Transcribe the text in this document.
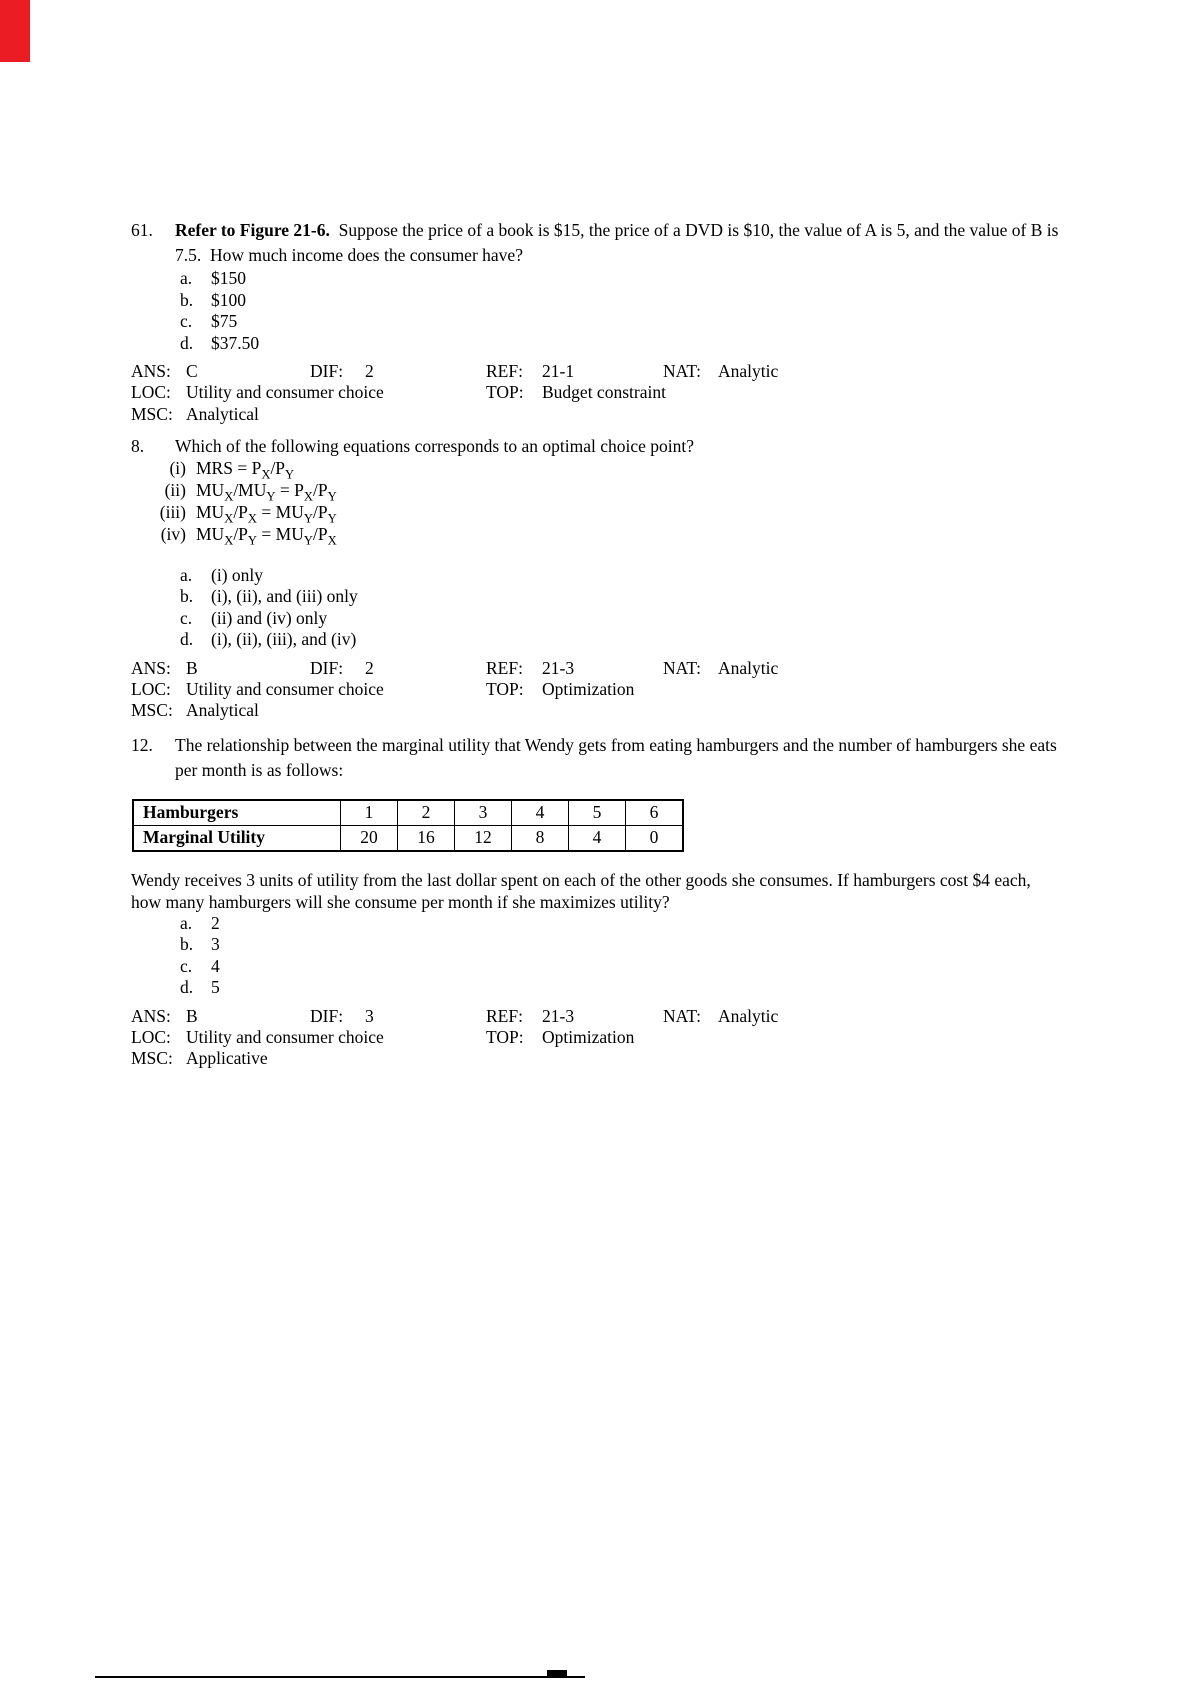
61. Refer to Figure 21-6.  Suppose the price of a book is $15, the price of a DVD is $10, the value of A is 5, and the value of B is 7.5.  How much income does the consumer have?
a. $150
b. $100
c. $75
d. $37.50
ANS: C	DIF:	2	REF:	21-1	NAT: Analytic
LOC: Utility and consumer choice	TOP:	Budget constraint
MSC: Analytical
8. Which of the following equations corresponds to an optimal choice point?
(i) MRS = $P_X/P_Y$
(ii) $MU_X/MU_Y = P_X/P_Y$
(iii) $MU_X/P_X = MU_Y/P_Y$
(iv) $MU_X/P_Y = MU_Y/P_X$
a. (i) only
b. (i), (ii), and (iii) only
c. (ii) and (iv) only
d. (i), (ii), (iii), and (iv)
ANS: B	DIF:	2	REF:	21-3	NAT: Analytic
LOC: Utility and consumer choice	TOP:	Optimization
MSC: Analytical
12. The relationship between the marginal utility that Wendy gets from eating hamburgers and the number of hamburgers she eats per month is as follows:
Hamburgers	1	2	3	4	5	6
Marginal Utility	20	16	12	8	4	0
Wendy receives 3 units of utility from the last dollar spent on each of the other goods she consumes. If hamburgers cost $4 each, how many hamburgers will she consume per month if she maximizes utility?
a. 2
b. 3
c. 4
d. 5
ANS: B	DIF:	3	REF:	21-3	NAT: Analytic
LOC: Utility and consumer choice	TOP:	Optimization
MSC: Applicative
